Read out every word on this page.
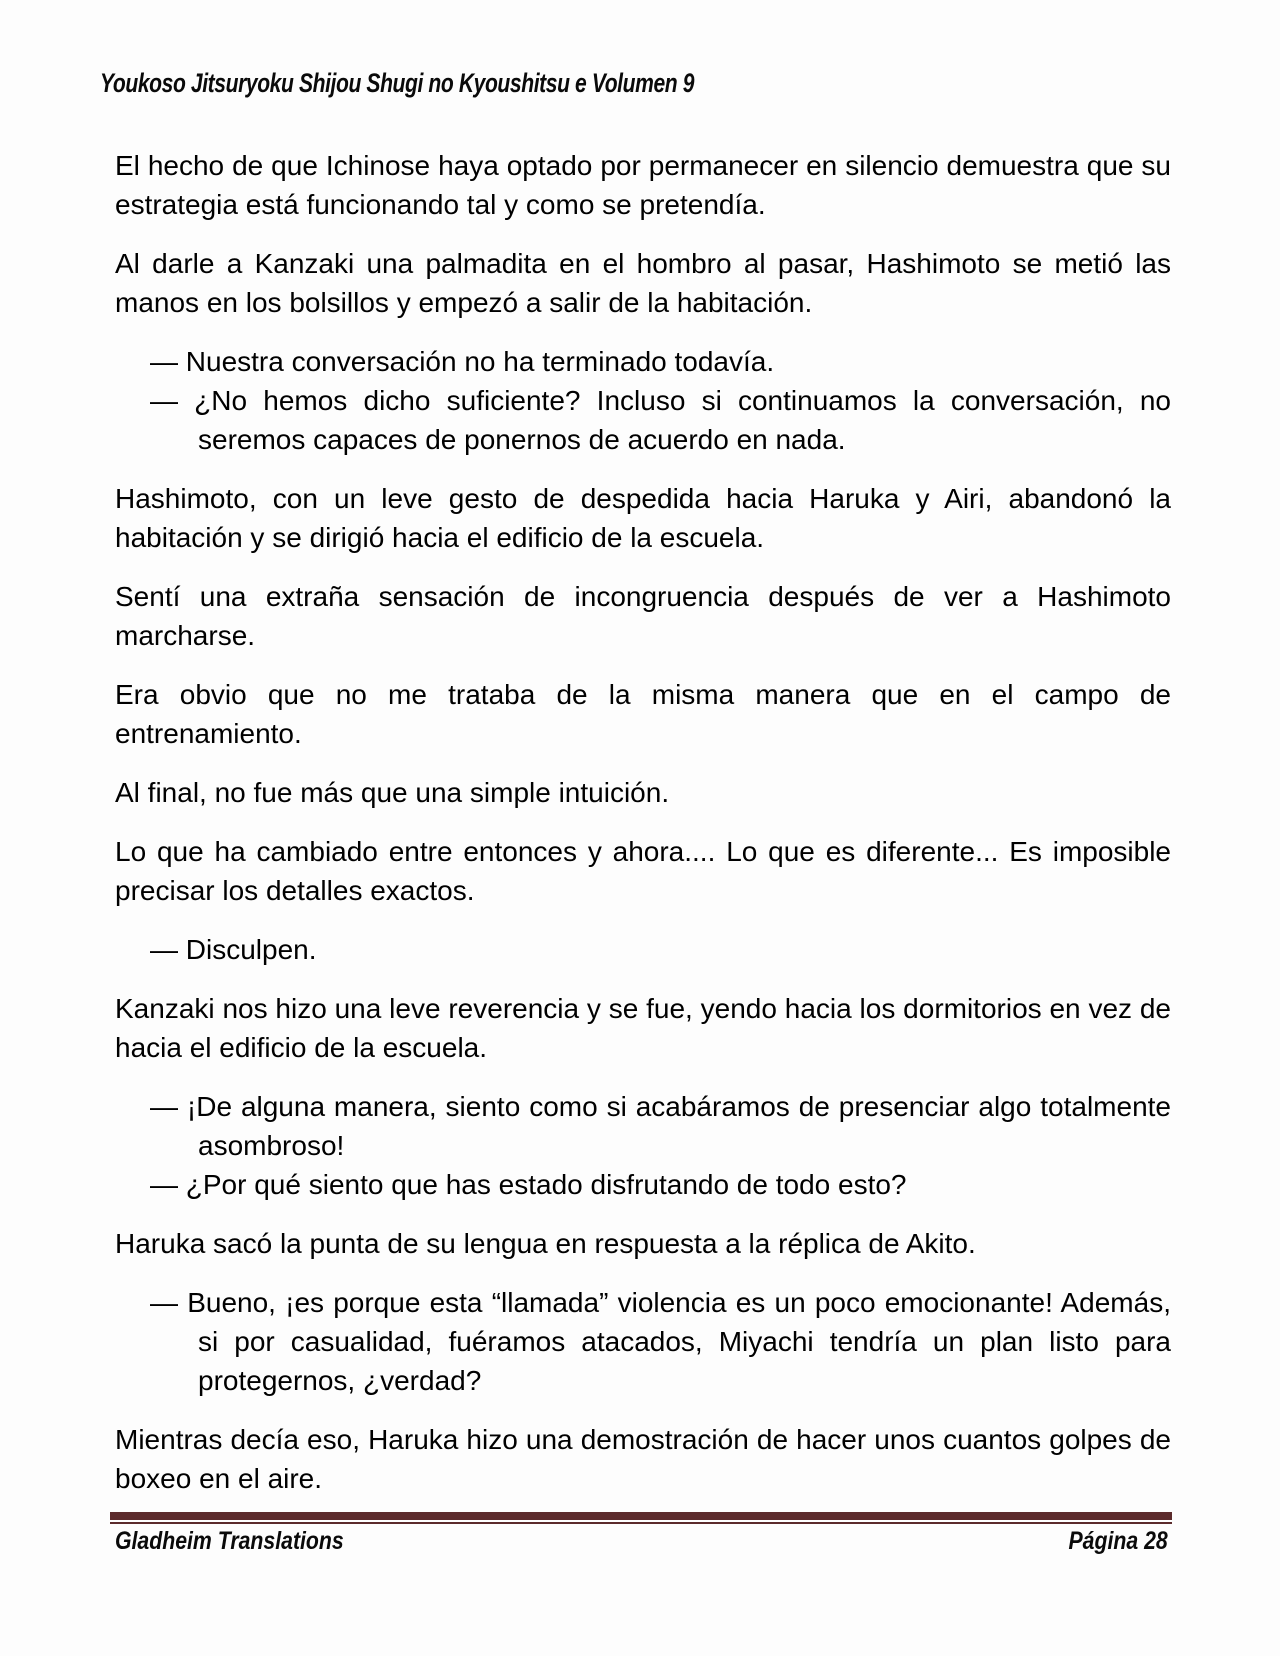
Youkoso Jitsuryoku Shijou Shugi no Kyoushitsu e Volumen 9

El hecho de que Ichinose haya optado por permanecer en silencio demuestra que su estrategia está funcionando tal y como se pretendía.

Al darle a Kanzaki una palmadita en el hombro al pasar, Hashimoto se metió las manos en los bolsillos y empezó a salir de la habitación.

— Nuestra conversación no ha terminado todavía.

— ¿No hemos dicho suficiente? Incluso si continuamos la conversación, no seremos capaces de ponernos de acuerdo en nada.

Hashimoto, con un leve gesto de despedida hacia Haruka y Airi, abandonó la habitación y se dirigió hacia el edificio de la escuela.

Sentí una extraña sensación de incongruencia después de ver a Hashimoto marcharse.

Era obvio que no me trataba de la misma manera que en el campo de entrenamiento.

Al final, no fue más que una simple intuición.

Lo que ha cambiado entre entonces y ahora.... Lo que es diferente... Es imposible precisar los detalles exactos.

— Disculpen.

Kanzaki nos hizo una leve reverencia y se fue, yendo hacia los dormitorios en vez de hacia el edificio de la escuela.

— ¡De alguna manera, siento como si acabáramos de presenciar algo totalmente asombroso!

— ¿Por qué siento que has estado disfrutando de todo esto?

Haruka sacó la punta de su lengua en respuesta a la réplica de Akito.

— Bueno, ¡es porque esta “llamada” violencia es un poco emocionante! Además, si por casualidad, fuéramos atacados, Miyachi tendría un plan listo para protegernos, ¿verdad?

Mientras decía eso, Haruka hizo una demostración de hacer unos cuantos golpes de boxeo en el aire.

Gladheim Translations	Página 28
